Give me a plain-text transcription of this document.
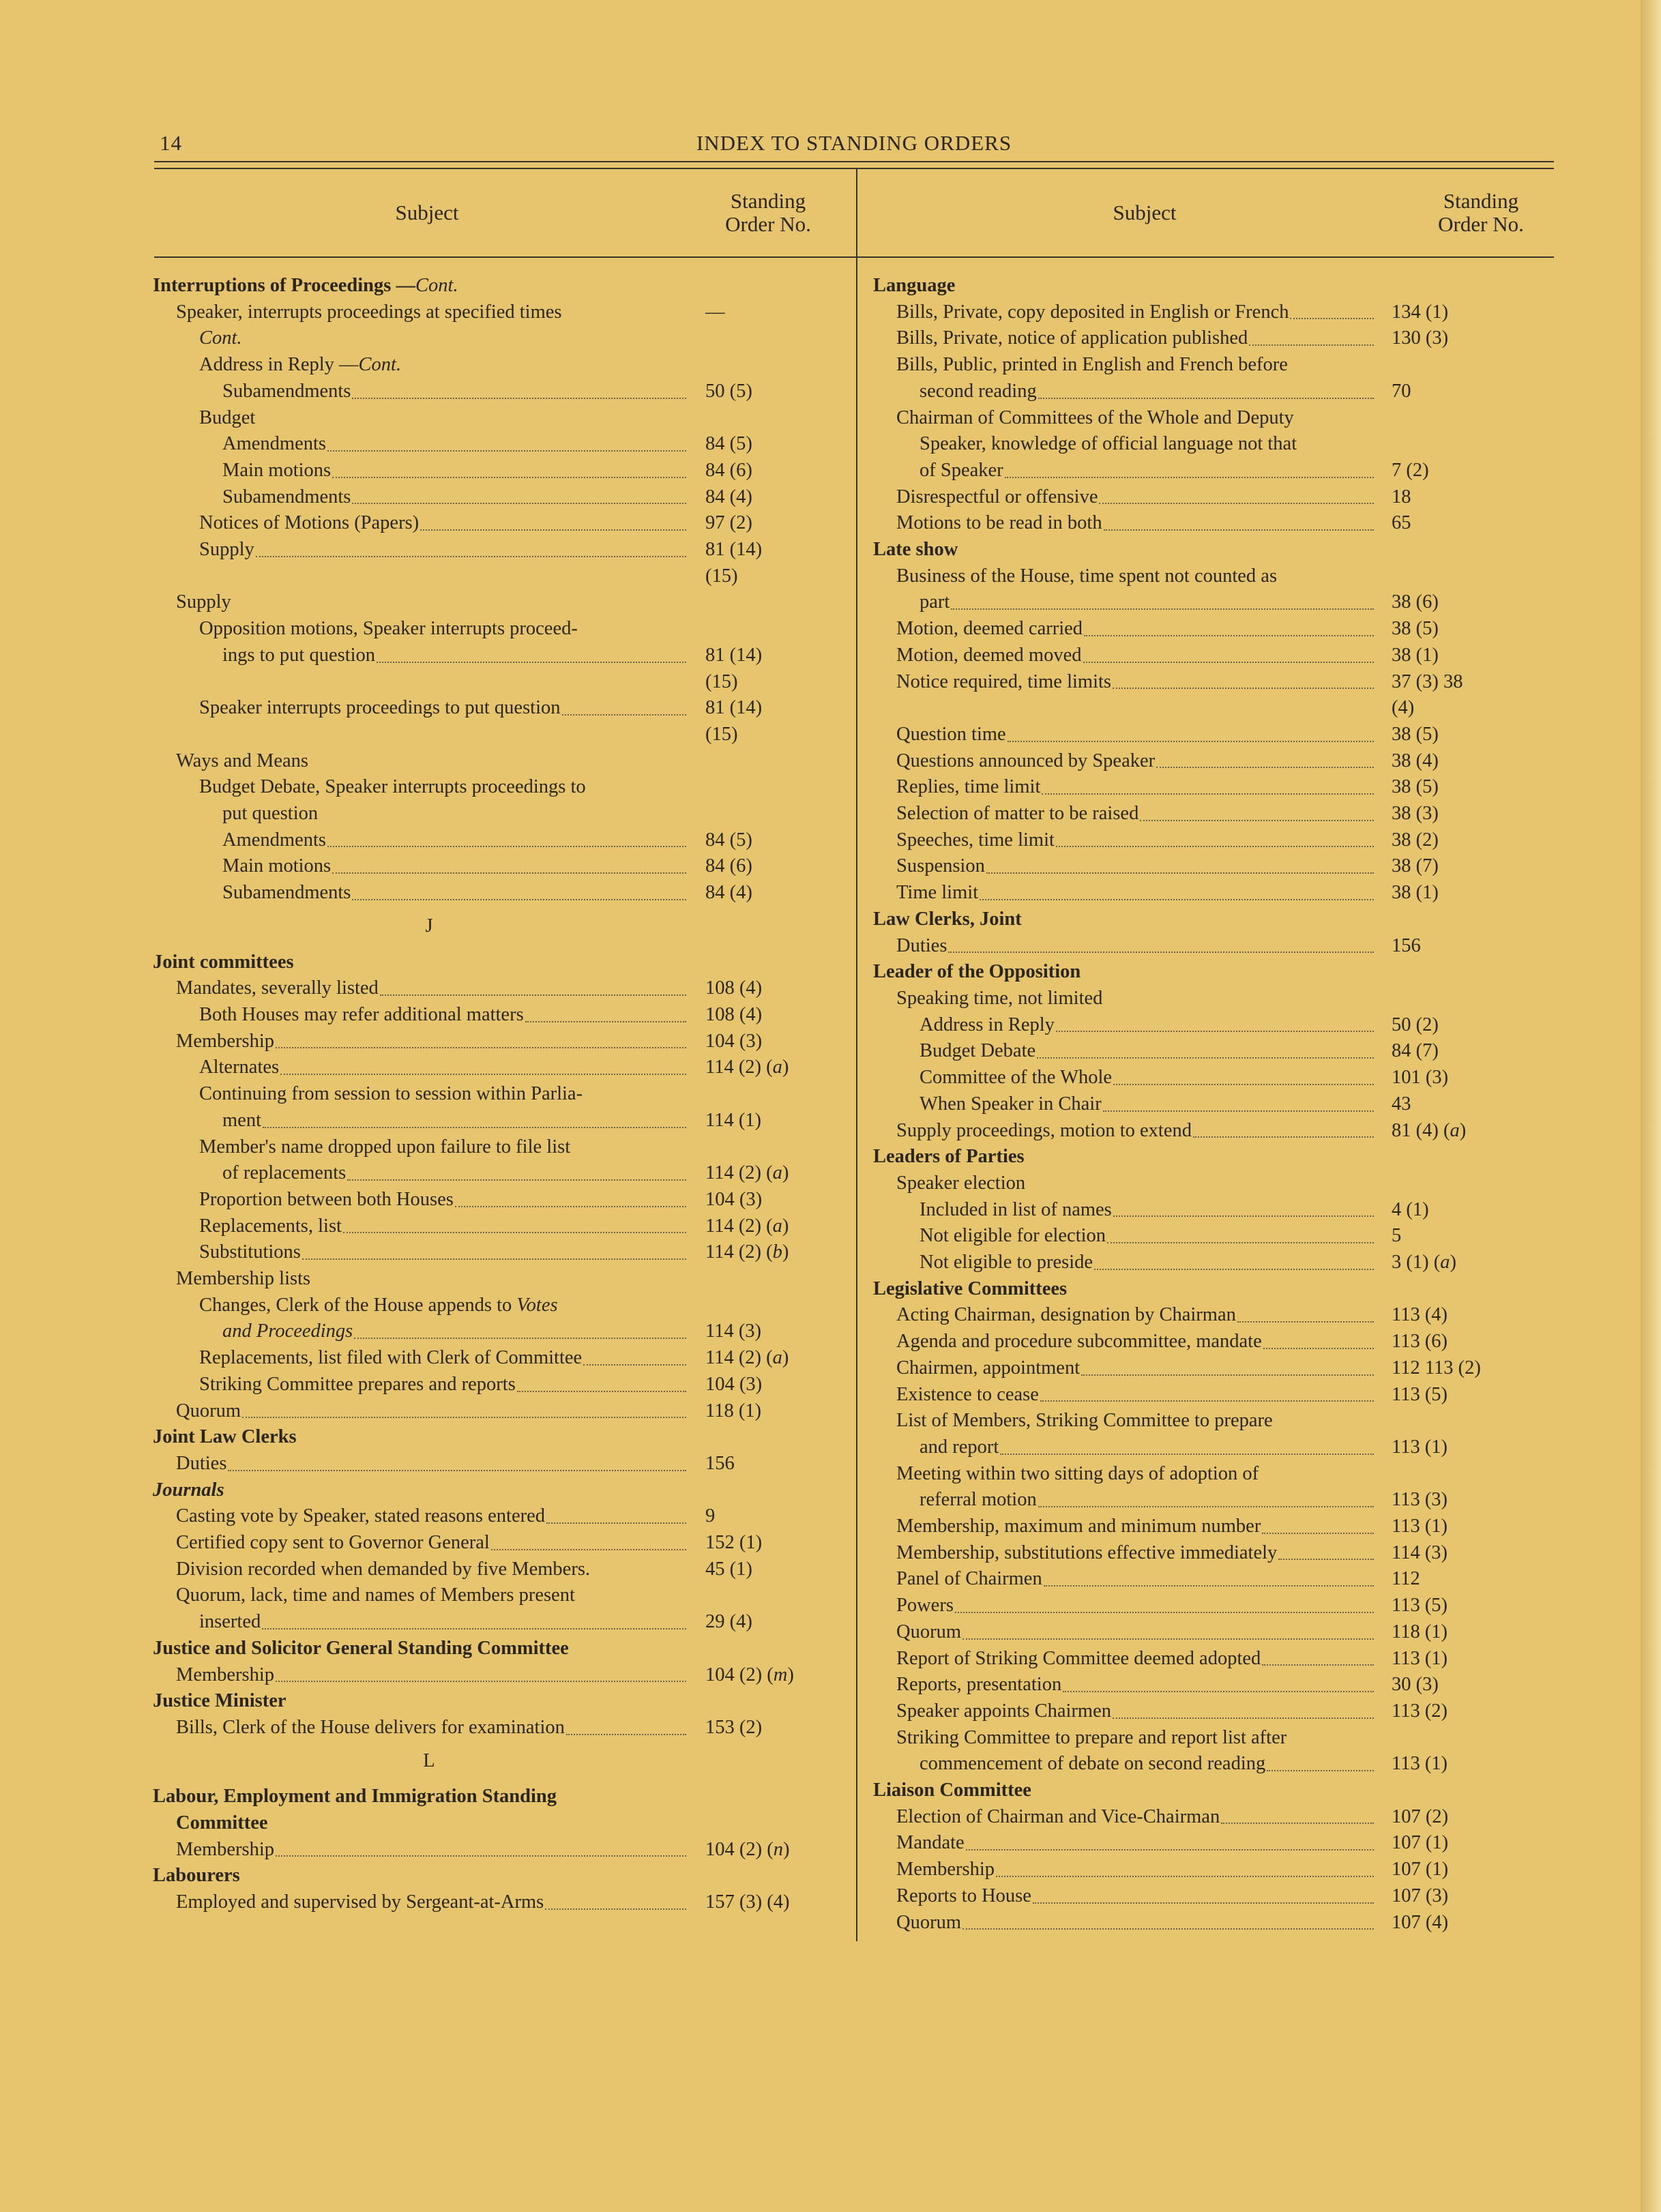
14	INDEX TO STANDING ORDERS
Subject	Standing
Order No.	Subject	Standing
Order No.
Interruptions of Proceedings —Cont.
Speaker, interrupts proceedings at specified times	—
Cont.
Address in Reply —Cont.
Subamendments	50 (5)
Budget
Amendments	84 (5)
Main motions	84 (6)
Subamendments	84 (4)
Notices of Motions (Papers)	97 (2)
Supply	81 (14)
(15)
Supply
Opposition motions, Speaker interrupts proceed-
ings to put question	81 (14)
(15)
Speaker interrupts proceedings to put question	81 (14)
(15)
Ways and Means
Budget Debate, Speaker interrupts proceedings to
put question
Amendments	84 (5)
Main motions	84 (6)
Subamendments	84 (4)
J
Joint committees
Mandates, severally listed	108 (4)
Both Houses may refer additional matters	108 (4)
Membership	104 (3)
Alternates	114 (2) (a)
Continuing from session to session within Parlia-
ment	114 (1)
Member's name dropped upon failure to file list
of replacements	114 (2) (a)
Proportion between both Houses	104 (3)
Replacements, list	114 (2) (a)
Substitutions	114 (2) (b)
Membership lists
Changes, Clerk of the House appends to Votes
and Proceedings	114 (3)
Replacements, list filed with Clerk of Committee	114 (2) (a)
Striking Committee prepares and reports	104 (3)
Quorum	118 (1)
Joint Law Clerks
Duties	156
Journals
Casting vote by Speaker, stated reasons entered	9
Certified copy sent to Governor General	152 (1)
Division recorded when demanded by five Members.	45 (1)
Quorum, lack, time and names of Members present
inserted	29 (4)
Justice and Solicitor General Standing Committee
Membership	104 (2) (m)
Justice Minister
Bills, Clerk of the House delivers for examination	153 (2)
L
Labour, Employment and Immigration Standing
Committee
Membership	104 (2) (n)
Labourers
Employed and supervised by Sergeant-at-Arms	157 (3) (4)
Language
Bills, Private, copy deposited in English or French	134 (1)
Bills, Private, notice of application published	130 (3)
Bills, Public, printed in English and French before
second reading	70
Chairman of Committees of the Whole and Deputy
Speaker, knowledge of official language not that
of Speaker	7 (2)
Disrespectful or offensive	18
Motions to be read in both	65
Late show
Business of the House, time spent not counted as
part	38 (6)
Motion, deemed carried	38 (5)
Motion, deemed moved	38 (1)
Notice required, time limits	37 (3) 38
(4)
Question time	38 (5)
Questions announced by Speaker	38 (4)
Replies, time limit	38 (5)
Selection of matter to be raised	38 (3)
Speeches, time limit	38 (2)
Suspension	38 (7)
Time limit	38 (1)
Law Clerks, Joint
Duties	156
Leader of the Opposition
Speaking time, not limited
Address in Reply	50 (2)
Budget Debate	84 (7)
Committee of the Whole	101 (3)
When Speaker in Chair	43
Supply proceedings, motion to extend	81 (4) (a)
Leaders of Parties
Speaker election
Included in list of names	4 (1)
Not eligible for election	5
Not eligible to preside	3 (1) (a)
Legislative Committees
Acting Chairman, designation by Chairman	113 (4)
Agenda and procedure subcommittee, mandate	113 (6)
Chairmen, appointment	112 113 (2)
Existence to cease	113 (5)
List of Members, Striking Committee to prepare
and report	113 (1)
Meeting within two sitting days of adoption of
referral motion	113 (3)
Membership, maximum and minimum number	113 (1)
Membership, substitutions effective immediately	114 (3)
Panel of Chairmen	112
Powers	113 (5)
Quorum	118 (1)
Report of Striking Committee deemed adopted	113 (1)
Reports, presentation	30 (3)
Speaker appoints Chairmen	113 (2)
Striking Committee to prepare and report list after
commencement of debate on second reading	113 (1)
Liaison Committee
Election of Chairman and Vice-Chairman	107 (2)
Mandate	107 (1)
Membership	107 (1)
Reports to House	107 (3)
Quorum	107 (4)
